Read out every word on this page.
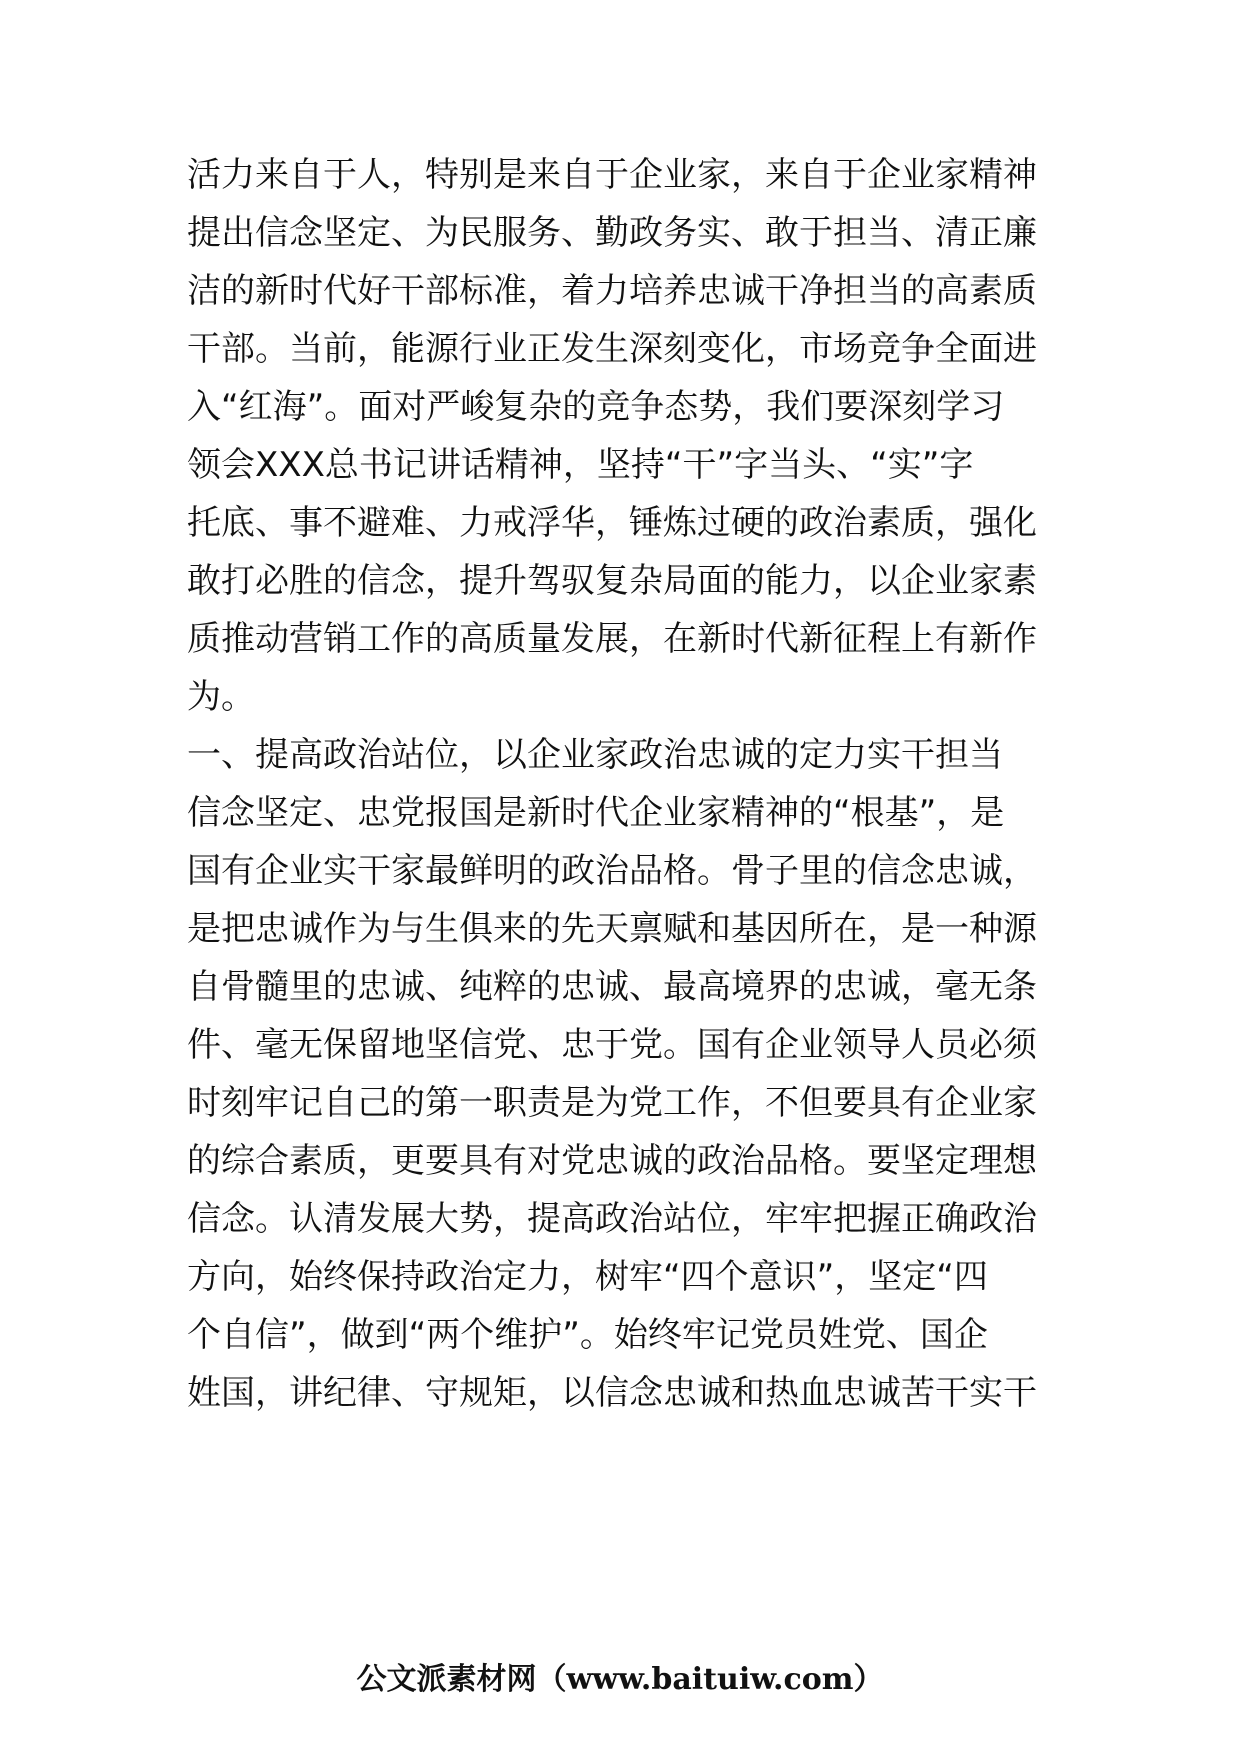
活力来自于人，特别是来自于企业家，来自于企业家精神
提出信念坚定、为民服务、勤政务实、敢于担当、清正廉
洁的新时代好干部标准，着力培养忠诚干净担当的高素质
干部。当前，能源行业正发生深刻变化，市场竞争全面进
入“红海”。面对严峻复杂的竞争态势，我们要深刻学习
领会XXX总书记讲话精神，坚持“干”字当头、“实”字
托底、事不避难、力戒浮华，锤炼过硬的政治素质，强化
敢打必胜的信念，提升驾驭复杂局面的能力，以企业家素
质推动营销工作的高质量发展，在新时代新征程上有新作
为。
一、提高政治站位，以企业家政治忠诚的定力实干担当
信念坚定、忠党报国是新时代企业家精神的“根基”，是
国有企业实干家最鲜明的政治品格。骨子里的信念忠诚，
是把忠诚作为与生俱来的先天禀赋和基因所在，是一种源
自骨髓里的忠诚、纯粹的忠诚、最高境界的忠诚，毫无条
件、毫无保留地坚信党、忠于党。国有企业领导人员必须
时刻牢记自己的第一职责是为党工作，不但要具有企业家
的综合素质，更要具有对党忠诚的政治品格。要坚定理想
信念。认清发展大势，提高政治站位，牢牢把握正确政治
方向，始终保持政治定力，树牢“四个意识”，坚定“四
个自信”，做到“两个维护”。始终牢记党员姓党、国企
姓国，讲纪律、守规矩，以信念忠诚和热血忠诚苦干实干
公文派素材网（www.baituiw.com）
